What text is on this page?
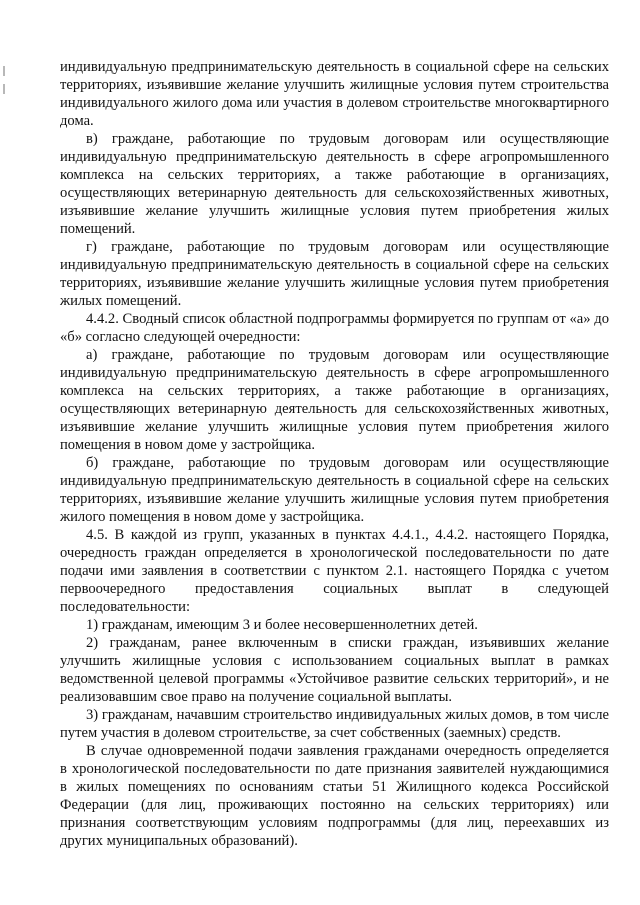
индивидуальную предпринимательскую деятельность в социальной сфере на сельских территориях, изъявившие желание улучшить жилищные условия путем строительства индивидуального жилого дома или участия в долевом строительстве многоквартирного дома.

в) граждане, работающие по трудовым договорам или осуществляющие индивидуальную предпринимательскую деятельность в сфере агропромышленного комплекса на сельских территориях, а также работающие в организациях, осуществляющих ветеринарную деятельность для сельскохозяйственных животных, изъявившие желание улучшить жилищные условия путем приобретения жилых помещений.

г) граждане, работающие по трудовым договорам или осуществляющие индивидуальную предпринимательскую деятельность в социальной сфере на сельских территориях, изъявившие желание улучшить жилищные условия путем приобретения жилых помещений.

4.4.2. Сводный список областной подпрограммы формируется по группам от «а» до «б» согласно следующей очередности:

а) граждане, работающие по трудовым договорам или осуществляющие индивидуальную предпринимательскую деятельность в сфере агропромышленного комплекса на сельских территориях, а также работающие в организациях, осуществляющих ветеринарную деятельность для сельскохозяйственных животных, изъявившие желание улучшить жилищные условия путем приобретения жилого помещения в новом доме у застройщика.

б) граждане, работающие по трудовым договорам или осуществляющие индивидуальную предпринимательскую деятельность в социальной сфере на сельских территориях, изъявившие желание улучшить жилищные условия путем приобретения жилого помещения в новом доме у застройщика.

4.5. В каждой из групп, указанных в пунктах 4.4.1., 4.4.2. настоящего Порядка, очередность граждан определяется в хронологической последовательности по дате подачи ими заявления в соответствии с пунктом 2.1. настоящего Порядка с учетом первоочередного предоставления социальных выплат в следующей последовательности:

1) гражданам, имеющим 3 и более несовершеннолетних детей.

2) гражданам, ранее включенным в списки граждан, изъявивших желание улучшить жилищные условия с использованием социальных выплат в рамках ведомственной целевой программы «Устойчивое развитие сельских территорий», и не реализовавшим свое право на получение социальной выплаты.

3) гражданам, начавшим строительство индивидуальных жилых домов, в том числе путем участия в долевом строительстве, за счет собственных (заемных) средств.

В случае одновременной подачи заявления гражданами очередность определяется в хронологической последовательности по дате признания заявителей нуждающимися в жилых помещениях по основаниям статьи 51 Жилищного кодекса Российской Федерации (для лиц, проживающих постоянно на сельских территориях) или признания соответствующим условиям подпрограммы (для лиц, переехавших из других муниципальных образований).
